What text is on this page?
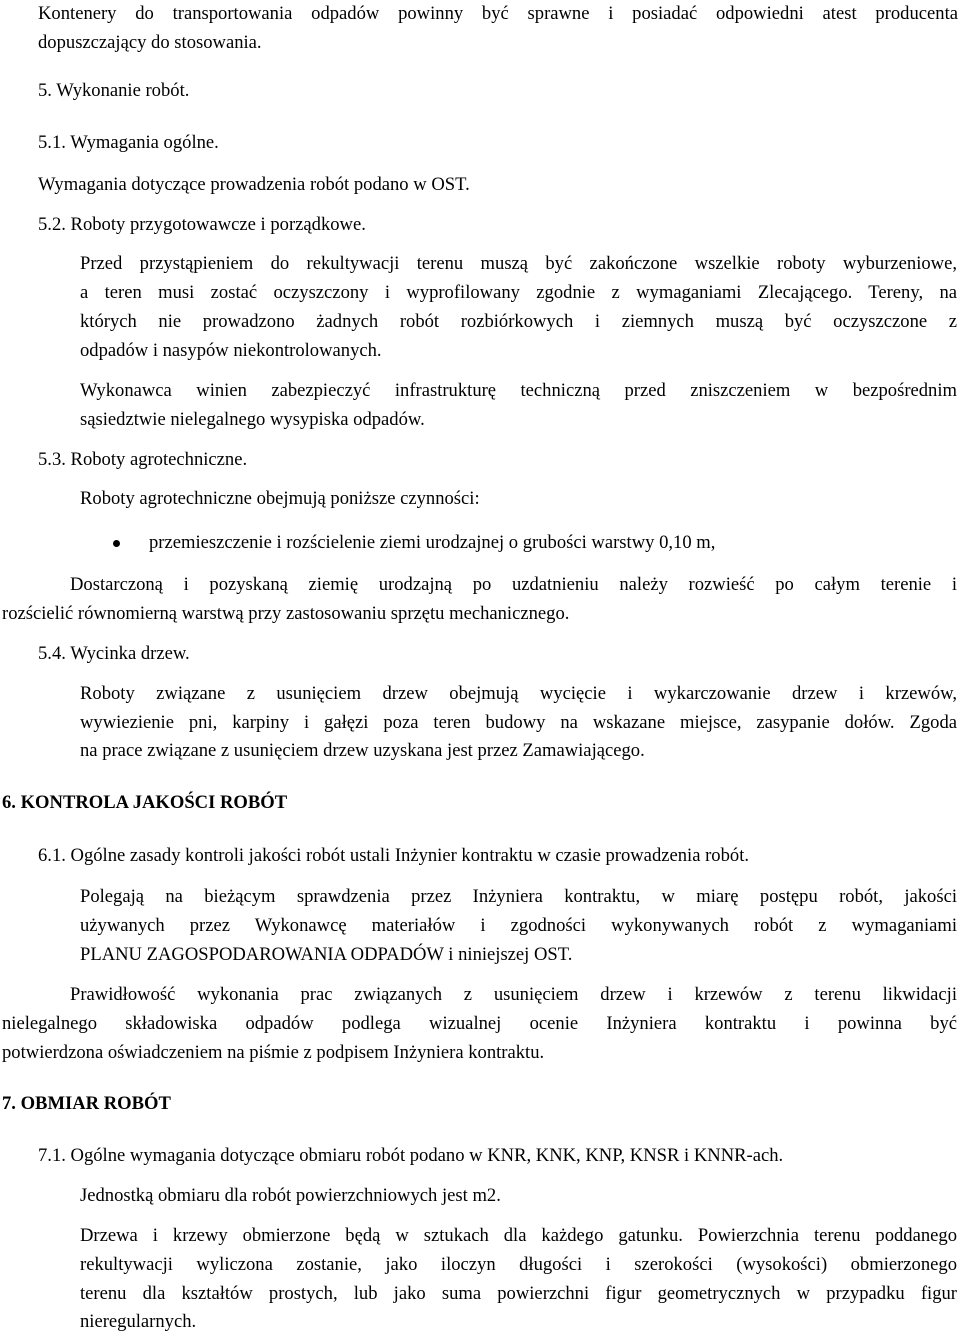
Kontenery do transportowania odpadów powinny być sprawne i posiadać odpowiedni atest producenta
dopuszczający do stosowania.
5. Wykonanie robót.
5.1. Wymagania ogólne.
Wymagania dotyczące prowadzenia robót podano w OST.
5.2. Roboty przygotowawcze i porządkowe.
Przed przystąpieniem do rekultywacji terenu muszą być zakończone wszelkie roboty wyburzeniowe,
a teren musi zostać oczyszczony i wyprofilowany zgodnie z wymaganiami Zlecającego. Tereny, na
których nie prowadzono żadnych robót rozbiórkowych i ziemnych muszą być oczyszczone z
odpadów i nasypów niekontrolowanych.
Wykonawca winien zabezpieczyć infrastrukturę techniczną przed zniszczeniem w bezpośrednim
sąsiedztwie nielegalnego wysypiska odpadów.
5.3. Roboty agrotechniczne.
Roboty agrotechniczne obejmują poniższe czynności:
przemieszczenie i rozścielenie ziemi urodzajnej o grubości warstwy 0,10 m,
Dostarczoną i pozyskaną ziemię urodzajną po uzdatnieniu należy rozwieść po całym terenie i
rozścielić równomierną warstwą przy zastosowaniu sprzętu mechanicznego.
5.4. Wycinka drzew.
Roboty związane z usunięciem drzew obejmują wycięcie i wykarczowanie drzew i krzewów,
wywiezienie pni, karpiny i gałęzi poza teren budowy na wskazane miejsce, zasypanie dołów. Zgoda
na prace związane z usunięciem drzew uzyskana jest przez Zamawiającego.
6. KONTROLA JAKOŚCI ROBÓT
6.1. Ogólne zasady kontroli jakości robót ustali Inżynier kontraktu w czasie prowadzenia robót.
Polegają na bieżącym sprawdzenia przez Inżyniera kontraktu, w miarę postępu robót, jakości
używanych przez Wykonawcę materiałów i zgodności wykonywanych robót z wymaganiami
PLANU ZAGOSPODAROWANIA ODPADÓW i niniejszej OST.
Prawidłowość wykonania prac związanych z usunięciem drzew i krzewów z terenu likwidacji
nielegalnego składowiska odpadów podlega wizualnej ocenie Inżyniera kontraktu i powinna być
potwierdzona oświadczeniem na piśmie z podpisem Inżyniera kontraktu.
7. OBMIAR ROBÓT
7.1. Ogólne wymagania dotyczące obmiaru robót podano w KNR, KNK, KNP, KNSR i KNNR-ach.
Jednostką obmiaru dla robót powierzchniowych jest m2.
Drzewa i krzewy obmierzone będą w sztukach dla każdego gatunku. Powierzchnia terenu poddanego
rekultywacji wyliczona zostanie, jako iloczyn długości i szerokości (wysokości) obmierzonego
terenu dla kształtów prostych, lub jako suma powierzchni figur geometrycznych w przypadku figur
nieregularnych.
